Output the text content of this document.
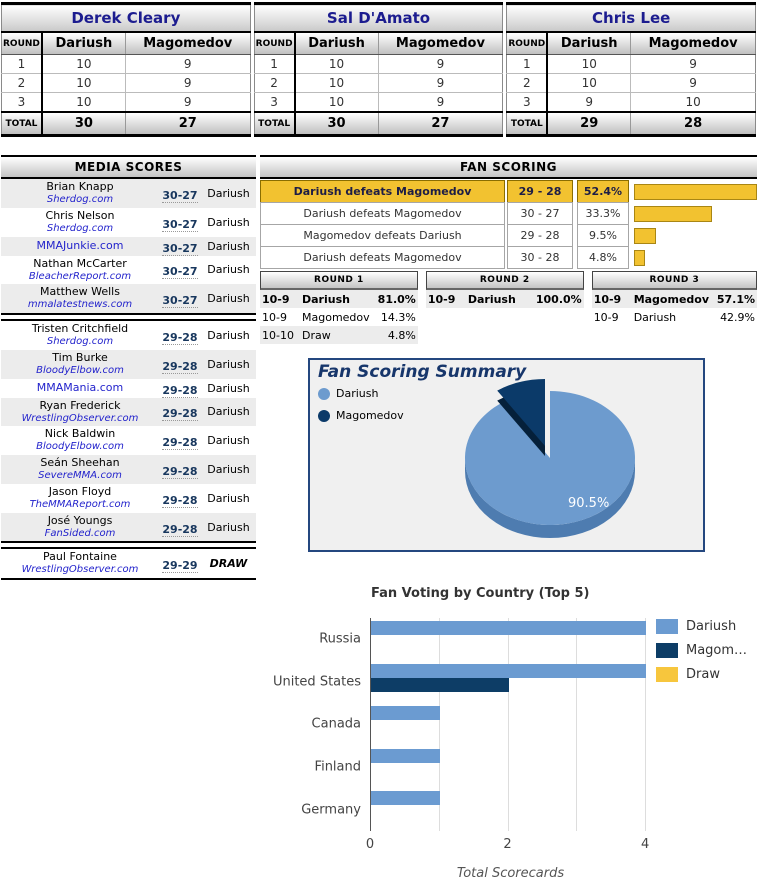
Derek Cleary		
ROUND	Dariush	Magomedov
1	10	9
2	10	9
3	10	9
TOTAL	30	27
Sal D'Amato		
ROUND	Dariush	Magomedov
1	10	9
2	10	9
3	10	9
TOTAL	30	27
Chris Lee		
ROUND	Dariush	Magomedov
1	10	9
2	10	9
3	9	10
TOTAL	29	28
MEDIA SCORES
Brian Knapp
Sherdog.com	30-27 Dariush
Chris Nelson
Sherdog.com	30-27 Dariush
MMAJunkie.com	30-27 Dariush
Nathan McCarter
BleacherReport.com	30-27 Dariush
Matthew Wells
mmalatestnews.com	30-27 Dariush
Tristen Critchfield
Sherdog.com	29-28 Dariush
Tim Burke
BloodyElbow.com	29-28 Dariush
MMAMania.com	29-28 Dariush
Ryan Frederick
WrestlingObserver.com	29-28 Dariush
Nick Baldwin
BloodyElbow.com	29-28 Dariush
Seán Sheehan
SevereMMA.com	29-28 Dariush
Jason Floyd
TheMMAReport.com	29-28 Dariush
José Youngs
FanSided.com	29-28 Dariush
Paul Fontaine
WrestlingObserver.com	29-29	DRAW
FAN SCORING
Dariush defeats Magomedov	29 - 28	52.4%
Dariush defeats Magomedov	30 - 27	33.3%
Magomedov defeats Dariush	29 - 28	9.5%
Dariush defeats Magomedov	30 - 28	4.8%
ROUND 1
10-9	Dariush	81.0%
10-9	Magomedov	14.3%
10-10 Draw	4.8%
ROUND 2
10-9	Dariush	100.0%
ROUND 3
10-9	Magomedov 57.1%
10-9	Dariush	42.9%
90.5%
Fan Scoring Summary
Dariush
Magomedov
Fan Voting by Country (Top 5)
Russia
United States
Canada
Finland
Germany
0	2	4
Total Scorecards
Dariush
Magom…
Draw
